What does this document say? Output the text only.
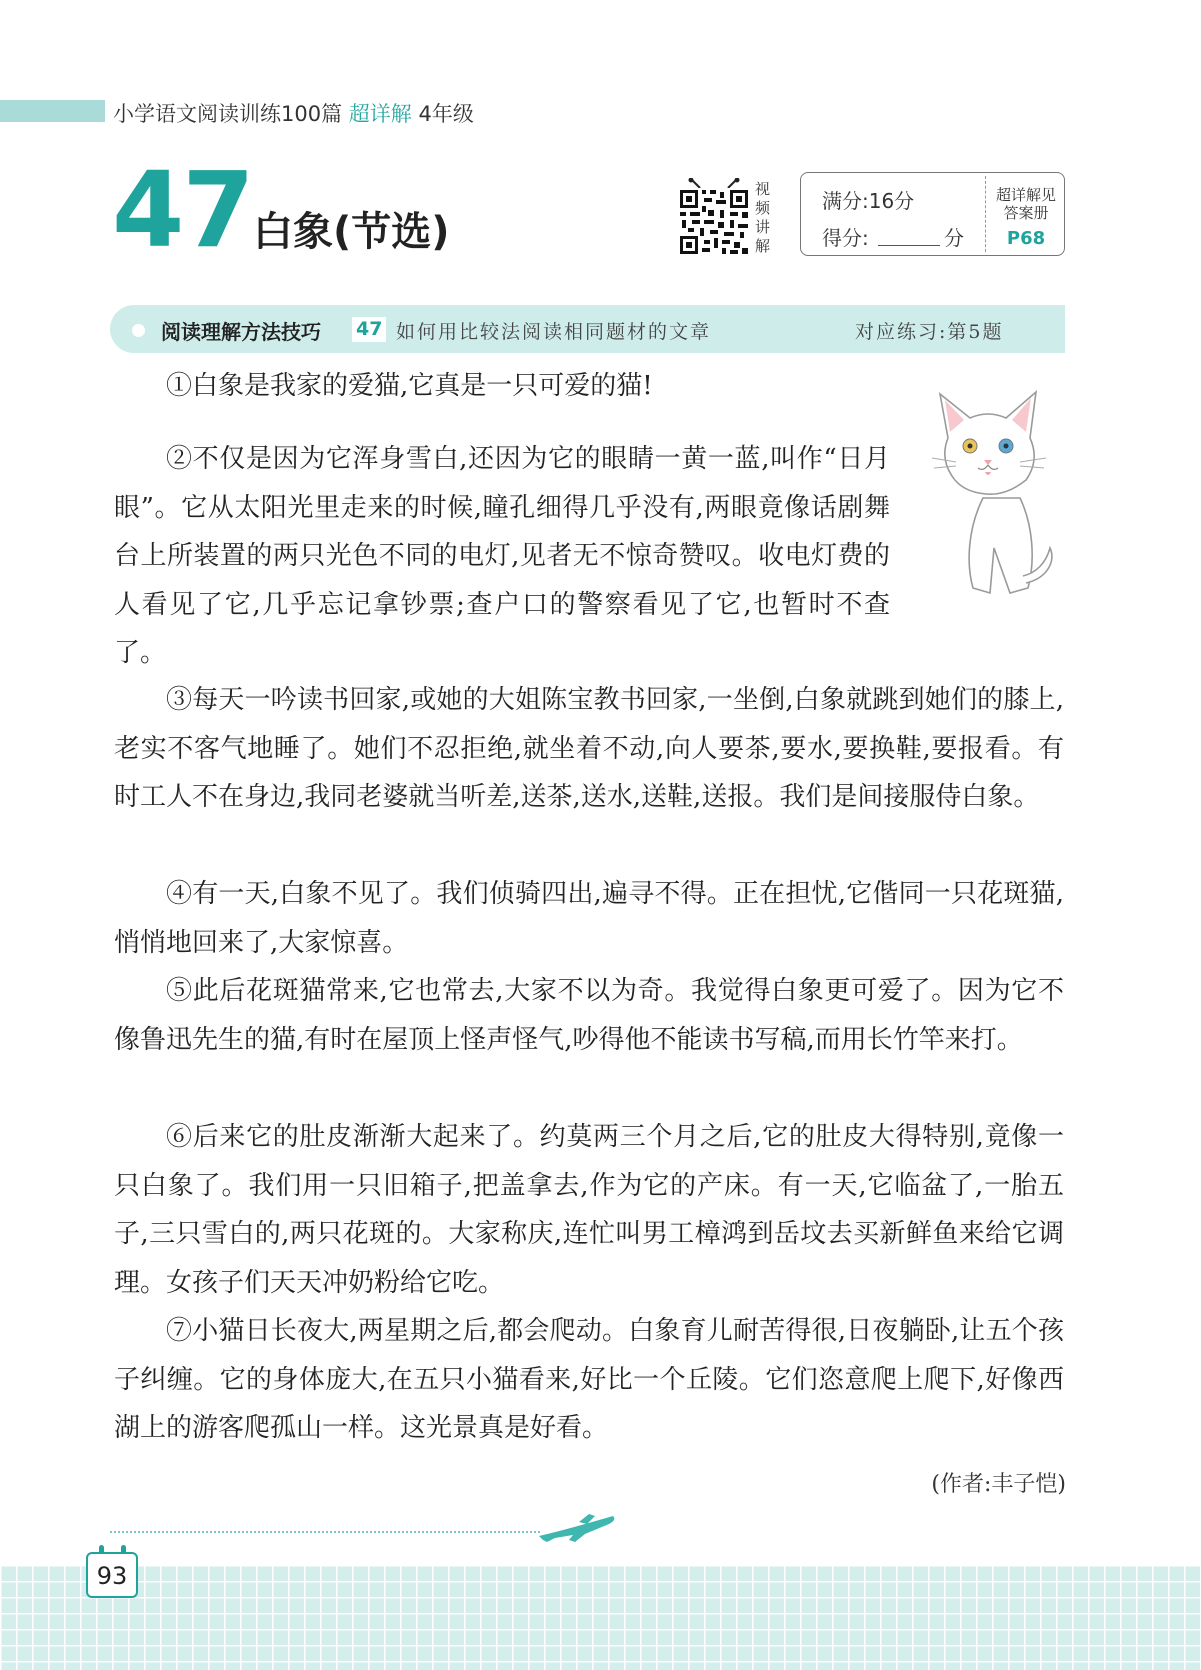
小学语文阅读训练100篇 超详解 4年级
47 白象(节选)
视频讲解
满分:16分
得分:	分
超详解见答案册
P68
阅读理解方法技巧 47 如何用比较法阅读相同题材的文章	对应练习:第5题

①白象是我家的爱猫,它真是一只可爱的猫!

②不仅是因为它浑身雪白,还因为它的眼睛一黄一蓝,叫作“日月眼”。它从太阳光里走来的时候,瞳孔细得几乎没有,两眼竟像话剧舞台上所装置的两只光色不同的电灯,见者无不惊奇赞叹。收电灯费的人看见了它,几乎忘记拿钞票;查户口的警察看见了它,也暂时不查了。

③每天一吟读书回家,或她的大姐陈宝教书回家,一坐倒,白象就跳到她们的膝上,老实不客气地睡了。她们不忍拒绝,就坐着不动,向人要茶,要水,要换鞋,要报看。有时工人不在身边,我同老婆就当听差,送茶,送水,送鞋,送报。我们是间接服侍白象。

④有一天,白象不见了。我们侦骑四出,遍寻不得。正在担忧,它偕同一只花斑猫,悄悄地回来了,大家惊喜。

⑤此后花斑猫常来,它也常去,大家不以为奇。我觉得白象更可爱了。因为它不像鲁迅先生的猫,有时在屋顶上怪声怪气,吵得他不能读书写稿,而用长竹竿来打。

⑥后来它的肚皮渐渐大起来了。约莫两三个月之后,它的肚皮大得特别,竟像一只白象了。我们用一只旧箱子,把盖拿去,作为它的产床。有一天,它临盆了,一胎五子,三只雪白的,两只花斑的。大家称庆,连忙叫男工樟鸿到岳坟去买新鲜鱼来给它调理。女孩子们天天冲奶粉给它吃。

⑦小猫日长夜大,两星期之后,都会爬动。白象育儿耐苦得很,日夜躺卧,让五个孩子纠缠。它的身体庞大,在五只小猫看来,好比一个丘陵。它们恣意爬上爬下,好像西湖上的游客爬孤山一样。这光景真是好看。

(作者:丰子恺)
93
